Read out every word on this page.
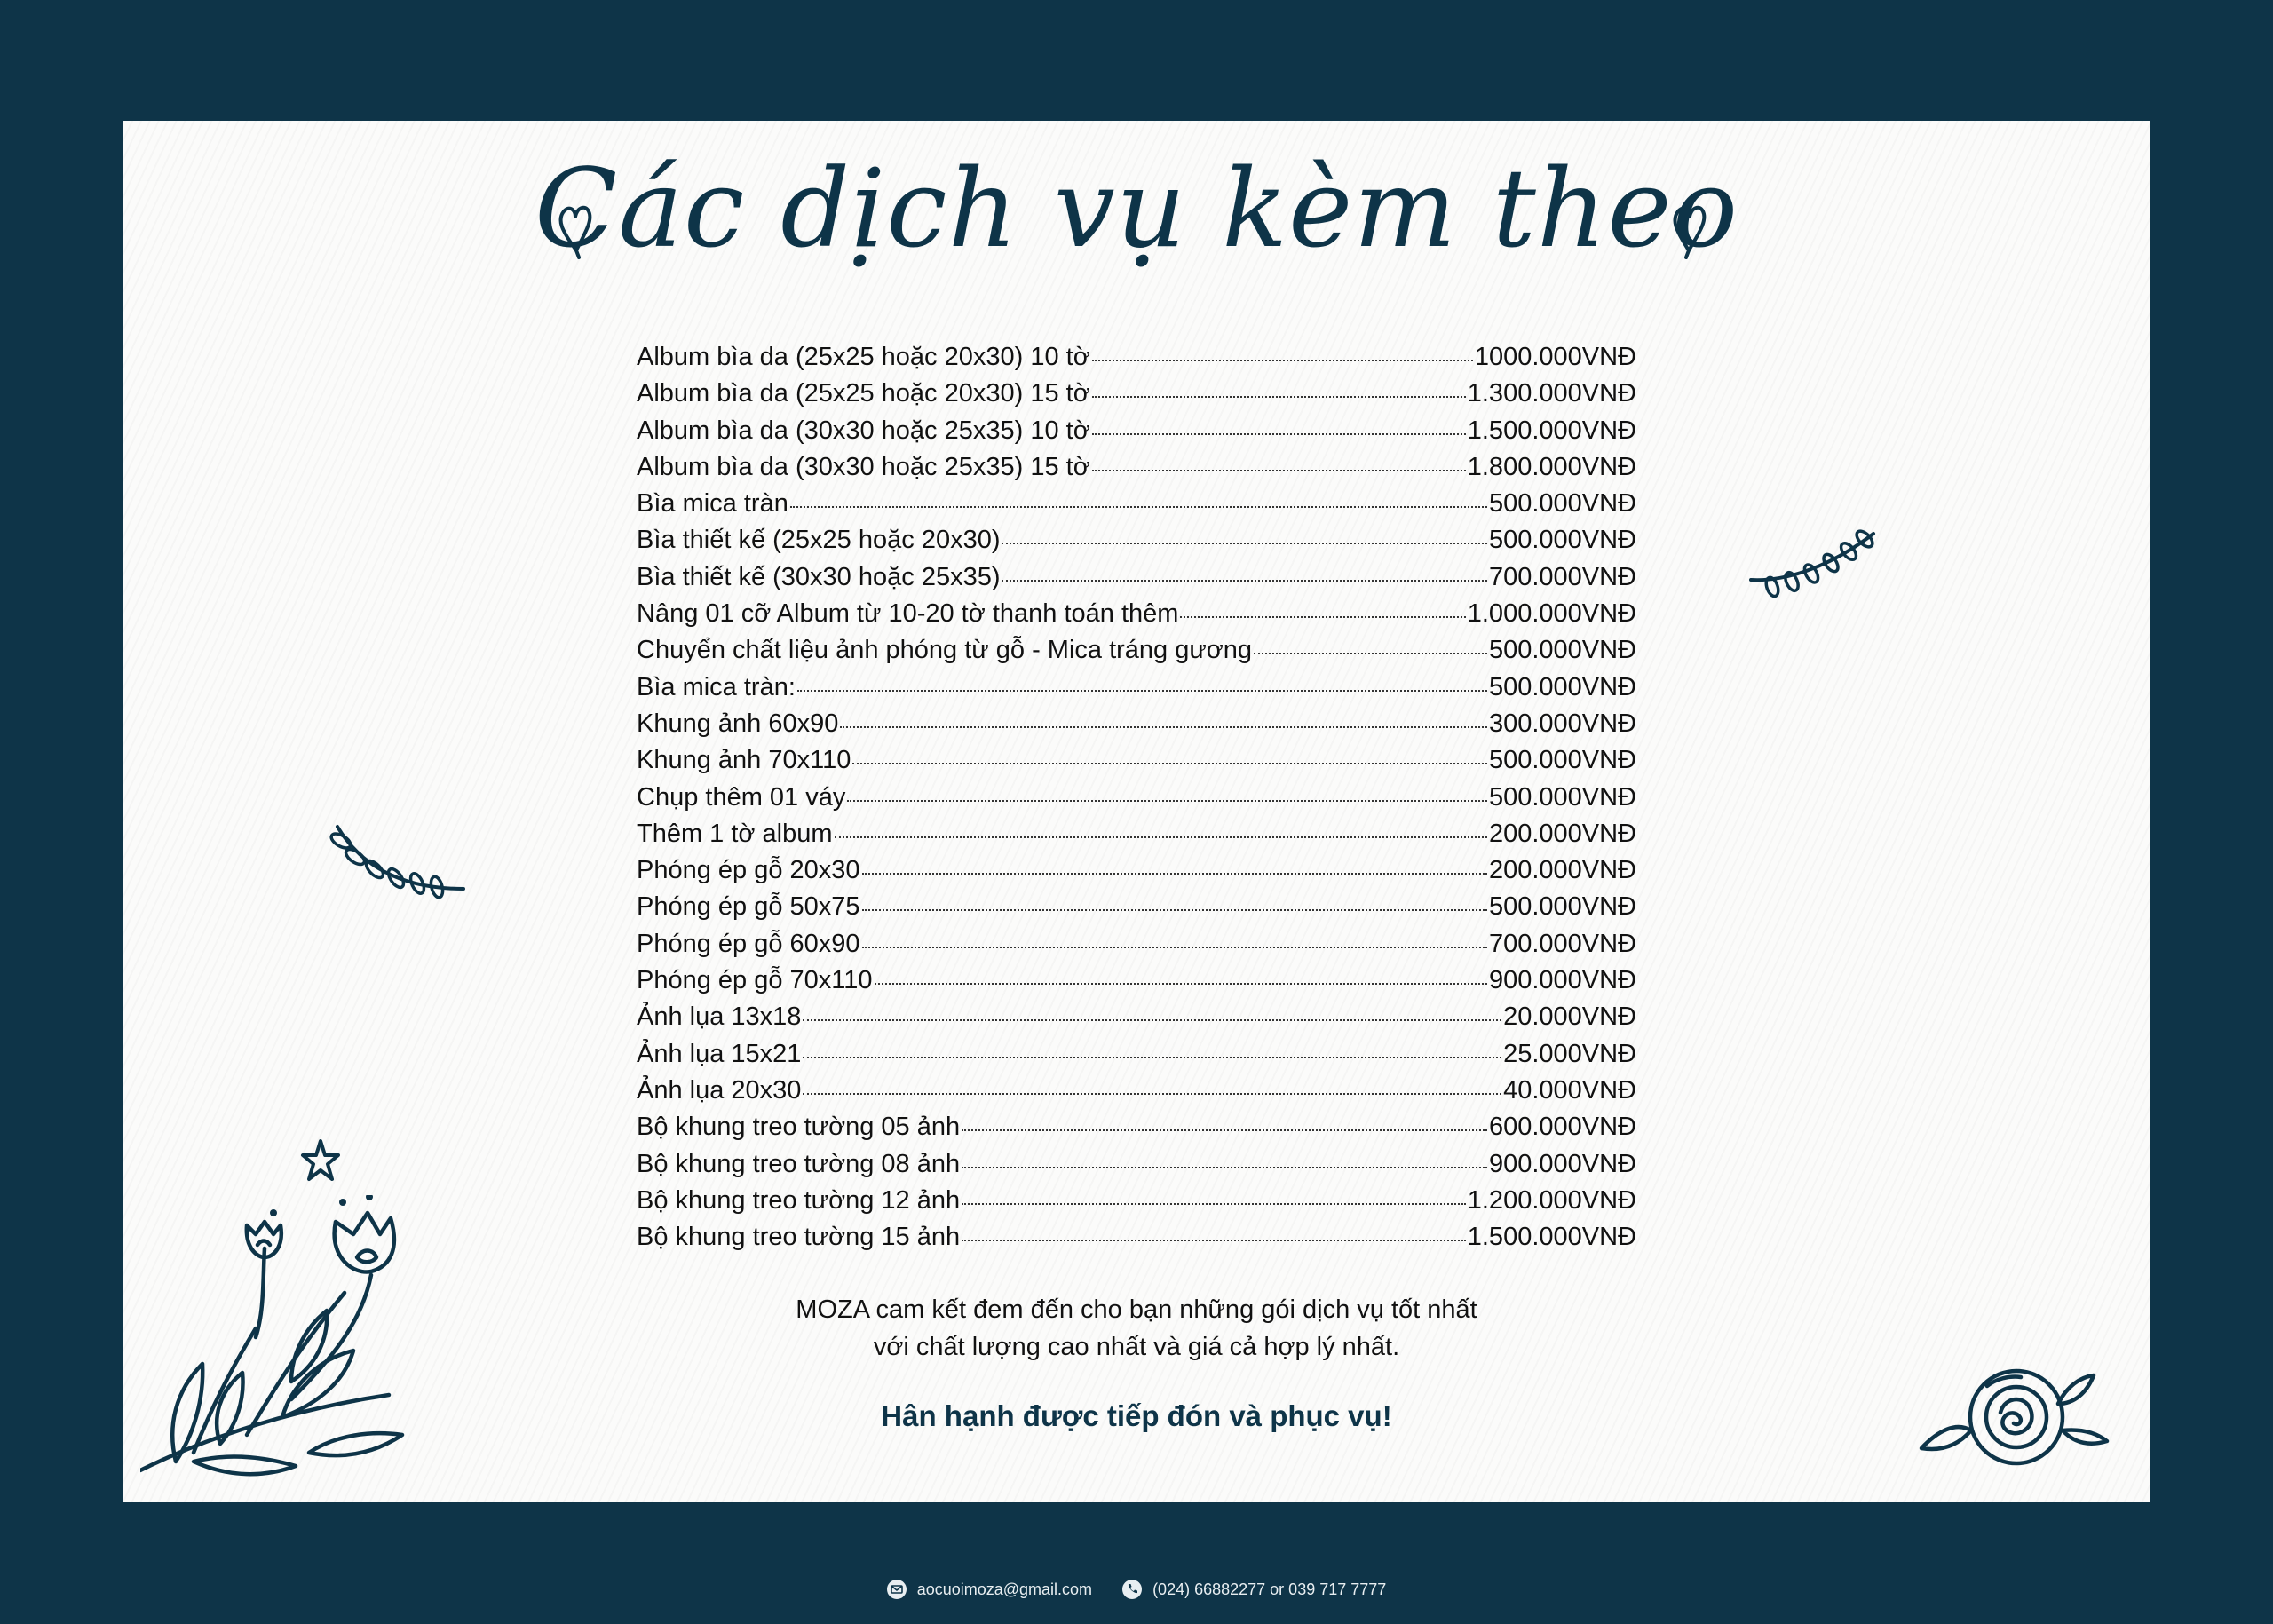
Các dịch vụ kèm theo
Album bìa da (25x25 hoặc 20x30) 10 tờ	1000.000VNĐ
Album bìa da (25x25 hoặc 20x30) 15 tờ	1.300.000VNĐ
Album bìa da (30x30 hoặc 25x35) 10 tờ	1.500.000VNĐ
Album bìa da (30x30 hoặc 25x35) 15 tờ	1.800.000VNĐ
Bìa mica tràn	500.000VNĐ
Bìa thiết kế (25x25 hoặc 20x30)	500.000VNĐ
Bìa thiết kế (30x30 hoặc 25x35)	700.000VNĐ
Nâng 01 cỡ Album từ 10-20 tờ thanh toán thêm	1.000.000VNĐ
Chuyển chất liệu ảnh phóng từ gỗ - Mica tráng gương	500.000VNĐ
Bìa mica tràn:	500.000VNĐ
Khung ảnh 60x90	300.000VNĐ
Khung ảnh 70x110	500.000VNĐ
Chụp thêm 01 váy	500.000VNĐ
Thêm 1 tờ album	200.000VNĐ
Phóng ép gỗ 20x30	200.000VNĐ
Phóng ép gỗ 50x75	500.000VNĐ
Phóng ép gỗ 60x90	700.000VNĐ
Phóng ép gỗ 70x110	900.000VNĐ
Ảnh lụa 13x18	20.000VNĐ
Ảnh lụa 15x21	25.000VNĐ
Ảnh lụa 20x30	40.000VNĐ
Bộ khung treo tường 05 ảnh	600.000VNĐ
Bộ khung treo tường 08 ảnh	900.000VNĐ
Bộ khung treo tường 12 ảnh	1.200.000VNĐ
Bộ khung treo tường 15 ảnh	1.500.000VNĐ
MOZA cam kết đem đến cho bạn những gói dịch vụ tốt nhất
với chất lượng cao nhất và giá cả hợp lý nhất.
Hân hạnh được tiếp đón và phục vụ!
aocuoimoza@gmail.com	(024) 66882277 or 039 717 7777
